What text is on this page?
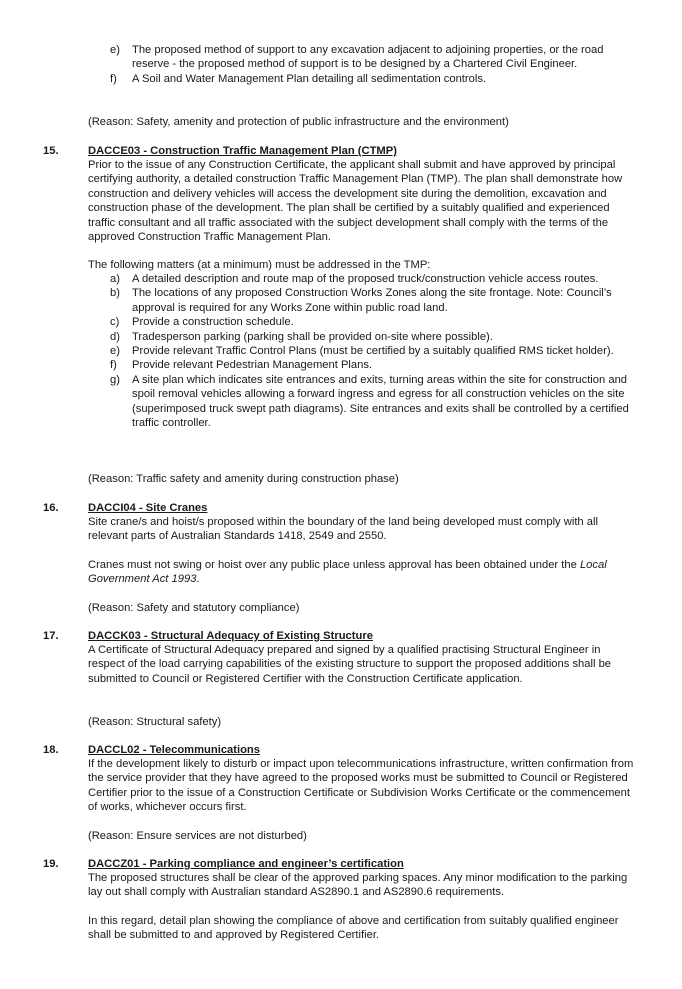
e) The proposed method of support to any excavation adjacent to adjoining properties, or the road reserve - the proposed method of support is to be designed by a Chartered Civil Engineer.
f) A Soil and Water Management Plan detailing all sedimentation controls.

(Reason: Safety, amenity and protection of public infrastructure and the environment)

15.	DACCE03 - Construction Traffic Management Plan (CTMP)

Prior to the issue of any Construction Certificate, the applicant shall submit and have approved by principal certifying authority, a detailed construction Traffic Management Plan (TMP). The plan shall demonstrate how construction and delivery vehicles will access the development site during the demolition, excavation and construction phase of the development. The plan shall be certified by a suitably qualified and experienced traffic consultant and all traffic associated with the subject development shall comply with the terms of the approved Construction Traffic Management Plan.

The following matters (at a minimum) must be addressed in the TMP:

a) A detailed description and route map of the proposed truck/construction vehicle access routes.
b) The locations of any proposed Construction Works Zones along the site frontage. Note: Council’s approval is required for any Works Zone within public road land.
c) Provide a construction schedule.
d) Tradesperson parking (parking shall be provided on-site where possible).
e) Provide relevant Traffic Control Plans (must be certified by a suitably qualified RMS ticket holder).
f) Provide relevant Pedestrian Management Plans.
g) A site plan which indicates site entrances and exits, turning areas within the site for construction and spoil removal vehicles allowing a forward ingress and egress for all construction vehicles on the site (superimposed truck swept path diagrams). Site entrances and exits shall be controlled by a certified traffic controller.

(Reason: Traffic safety and amenity during construction phase)

16.	DACCI04 - Site Cranes

Site crane/s and hoist/s proposed within the boundary of the land being developed must comply with all relevant parts of Australian Standards 1418, 2549 and 2550.

Cranes must not swing or hoist over any public place unless approval has been obtained under the Local Government Act 1993.

(Reason: Safety and statutory compliance)

17.	DACCK03 - Structural Adequacy of Existing Structure

A Certificate of Structural Adequacy prepared and signed by a qualified practising Structural Engineer in respect of the load carrying capabilities of the existing structure to support the proposed additions shall be submitted to Council or Registered Certifier with the Construction Certificate application.

(Reason: Structural safety)

18.	DACCL02 - Telecommunications

If the development likely to disturb or impact upon telecommunications infrastructure, written confirmation from the service provider that they have agreed to the proposed works must be submitted to Council or Registered Certifier prior to the issue of a Construction Certificate or Subdivision Works Certificate or the commencement of works, whichever occurs first.

(Reason: Ensure services are not disturbed)

19.	DACCZ01 - Parking compliance and engineer’s certification

The proposed structures shall be clear of the approved parking spaces. Any minor modification to the parking lay out shall comply with Australian standard AS2890.1 and AS2890.6 requirements.

In this regard, detail plan showing the compliance of above and certification from suitably qualified engineer shall be submitted to and approved by Registered Certifier.
